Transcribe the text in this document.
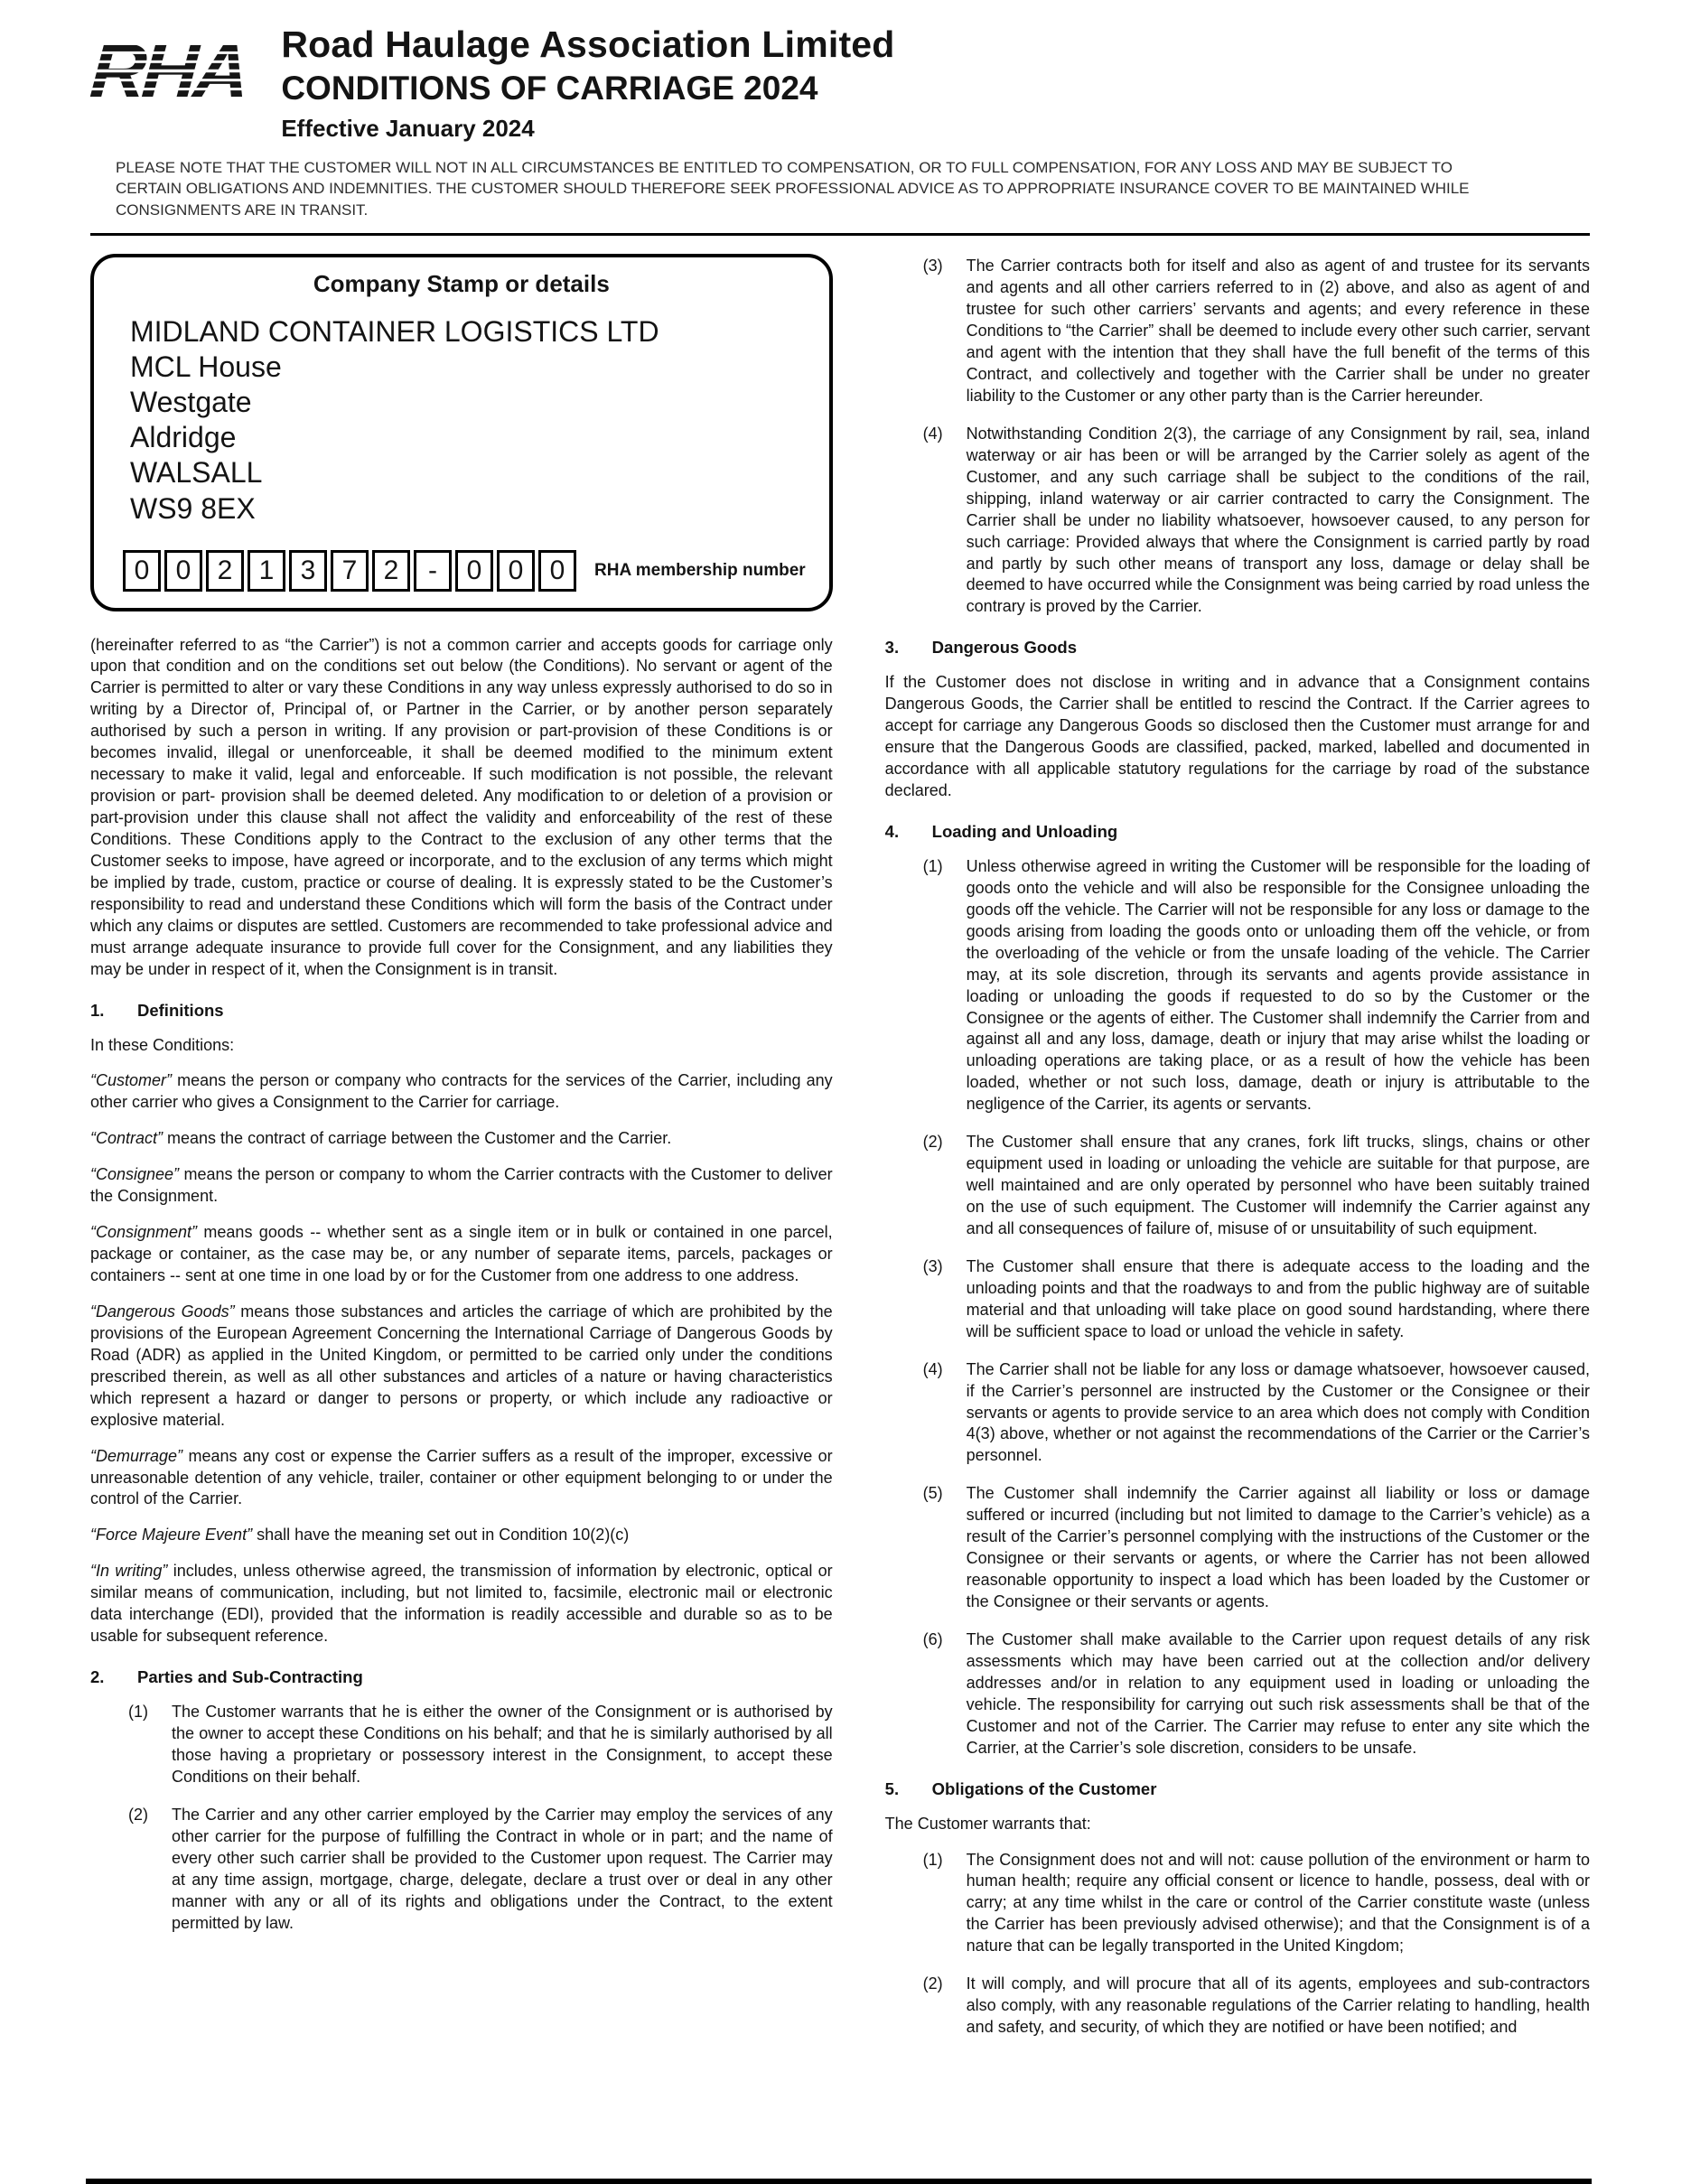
RHA Road Haulage Association Limited
CONDITIONS OF CARRIAGE 2024
Effective January 2024

PLEASE NOTE THAT THE CUSTOMER WILL NOT IN ALL CIRCUMSTANCES BE ENTITLED TO COMPENSATION, OR TO FULL COMPENSATION, FOR ANY LOSS AND MAY BE SUBJECT TO CERTAIN OBLIGATIONS AND INDEMNITIES. THE CUSTOMER SHOULD THEREFORE SEEK PROFESSIONAL ADVICE AS TO APPROPRIATE INSURANCE COVER TO BE MAINTAINED WHILE CONSIGNMENTS ARE IN TRANSIT.

Company Stamp or details
MIDLAND CONTAINER LOGISTICS LTD
MCL House
Westgate
Aldridge
WALSALL
WS9 8EX
0 0 2 1 3 7 2	-	0 0 0	RHA membership number

(hereinafter referred to as “the Carrier”) is not a common carrier and accepts goods for carriage only upon that condition and on the conditions set out below (the Conditions). No servant or agent of the Carrier is permitted to alter or vary these Conditions in any way unless expressly authorised to do so in writing by a Director of, Principal of, or Partner in the Carrier, or by another person separately authorised by such a person in writing. If any provision or part-provision of these Conditions is or becomes invalid, illegal or unenforceable, it shall be deemed modified to the minimum extent necessary to make it valid, legal and enforceable. If such modification is not possible, the relevant provision or part- provision shall be deemed deleted. Any modification to or deletion of a provision or part-provision under this clause shall not affect the validity and enforceability of the rest of these Conditions. These Conditions apply to the Contract to the exclusion of any other terms that the Customer seeks to impose, have agreed or incorporate, and to the exclusion of any terms which might be implied by trade, custom, practice or course of dealing. It is expressly stated to be the Customer’s responsibility to read and understand these Conditions which will form the basis of the Contract under which any claims or disputes are settled. Customers are recommended to take professional advice and must arrange adequate insurance to provide full cover for the Consignment, and any liabilities they may be under in respect of it, when the Consignment is in transit.

1.	Definitions

In these Conditions:

“Customer” means the person or company who contracts for the services of the Carrier, including any other carrier who gives a Consignment to the Carrier for carriage.

“Contract” means the contract of carriage between the Customer and the Carrier.

“Consignee” means the person or company to whom the Carrier contracts with the Customer to deliver the Consignment.

“Consignment” means goods -- whether sent as a single item or in bulk or contained in one parcel, package or container, as the case may be, or any number of separate items, parcels, packages or containers -- sent at one time in one load by or for the Customer from one address to one address.

“Dangerous Goods” means those substances and articles the carriage of which are prohibited by the provisions of the European Agreement Concerning the International Carriage of Dangerous Goods by Road (ADR) as applied in the United Kingdom, or permitted to be carried only under the conditions prescribed therein, as well as all other substances and articles of a nature or having characteristics which represent a hazard or danger to persons or property, or which include any radioactive or explosive material.

“Demurrage” means any cost or expense the Carrier suffers as a result of the improper, excessive or unreasonable detention of any vehicle, trailer, container or other equipment belonging to or under the control of the Carrier.

“Force Majeure Event” shall have the meaning set out in Condition 10(2)(c)

“In writing” includes, unless otherwise agreed, the transmission of information by electronic, optical or similar means of communication, including, but not limited to, facsimile, electronic mail or electronic data interchange (EDI), provided that the information is readily accessible and durable so as to be usable for subsequent reference.

2.	Parties and Sub-Contracting
(1)	The Customer warrants that he is either the owner of the Consignment or is authorised by the owner to accept these Conditions on his behalf; and that he is similarly authorised by all those having a proprietary or possessory interest in the Consignment, to accept these Conditions on their behalf.
(2)	The Carrier and any other carrier employed by the Carrier may employ the services of any other carrier for the purpose of fulfilling the Contract in whole or in part; and the name of every other such carrier shall be provided to the Customer upon request. The Carrier may at any time assign, mortgage, charge, delegate, declare a trust over or deal in any other manner with any or all of its rights and obligations under the Contract, to the extent permitted by law.
(3)	The Carrier contracts both for itself and also as agent of and trustee for its servants and agents and all other carriers referred to in (2) above, and also as agent of and trustee for such other carriers’ servants and agents; and every reference in these Conditions to “the Carrier” shall be deemed to include every other such carrier, servant and agent with the intention that they shall have the full benefit of the terms of this Contract, and collectively and together with the Carrier shall be under no greater liability to the Customer or any other party than is the Carrier hereunder.
(4)	Notwithstanding Condition 2(3), the carriage of any Consignment by rail, sea, inland waterway or air has been or will be arranged by the Carrier solely as agent of the Customer, and any such carriage shall be subject to the conditions of the rail, shipping, inland waterway or air carrier contracted to carry the Consignment. The Carrier shall be under no liability whatsoever, howsoever caused, to any person for such carriage: Provided always that where the Consignment is carried partly by road and partly by such other means of transport any loss, damage or delay shall be deemed to have occurred while the Consignment was being carried by road unless the contrary is proved by the Carrier.
3.	Dangerous Goods

If the Customer does not disclose in writing and in advance that a Consignment contains Dangerous Goods, the Carrier shall be entitled to rescind the Contract. If the Carrier agrees to accept for carriage any Dangerous Goods so disclosed then the Customer must arrange for and ensure that the Dangerous Goods are classified, packed, marked, labelled and documented in accordance with all applicable statutory regulations for the carriage by road of the substance declared.

4.	Loading and Unloading
(1)	Unless otherwise agreed in writing the Customer will be responsible for the loading of goods onto the vehicle and will also be responsible for the Consignee unloading the goods off the vehicle. The Carrier will not be responsible for any loss or damage to the goods arising from loading the goods onto or unloading them off the vehicle, or from the overloading of the vehicle or from the unsafe loading of the vehicle. The Carrier may, at its sole discretion, through its servants and agents provide assistance in loading or unloading the goods if requested to do so by the Customer or the Consignee or the agents of either. The Customer shall indemnify the Carrier from and against all and any loss, damage, death or injury that may arise whilst the loading or unloading operations are taking place, or as a result of how the vehicle has been loaded, whether or not such loss, damage, death or injury is attributable to the negligence of the Carrier, its agents or servants.
(2)	The Customer shall ensure that any cranes, fork lift trucks, slings, chains or other equipment used in loading or unloading the vehicle are suitable for that purpose, are well maintained and are only operated by personnel who have been suitably trained on the use of such equipment. The Customer will indemnify the Carrier against any and all consequences of failure of, misuse of or unsuitability of such equipment.
(3)	The Customer shall ensure that there is adequate access to the loading and the unloading points and that the roadways to and from the public highway are of suitable material and that unloading will take place on good sound hardstanding, where there will be sufficient space to load or unload the vehicle in safety.
(4)	The Carrier shall not be liable for any loss or damage whatsoever, howsoever caused, if the Carrier’s personnel are instructed by the Customer or the Consignee or their servants or agents to provide service to an area which does not comply with Condition 4(3) above, whether or not against the recommendations of the Carrier or the Carrier’s personnel.
(5)	The Customer shall indemnify the Carrier against all liability or loss or damage suffered or incurred (including but not limited to damage to the Carrier’s vehicle) as a result of the Carrier’s personnel complying with the instructions of the Customer or the Consignee or their servants or agents, or where the Carrier has not been allowed reasonable opportunity to inspect a load which has been loaded by the Customer or the Consignee or their servants or agents.
(6)	The Customer shall make available to the Carrier upon request details of any risk assessments which may have been carried out at the collection and/or delivery addresses and/or in relation to any equipment used in loading or unloading the vehicle. The responsibility for carrying out such risk assessments shall be that of the Customer and not of the Carrier. The Carrier may refuse to enter any site which the Carrier, at the Carrier’s sole discretion, considers to be unsafe.
5.	Obligations of the Customer

The Customer warrants that:

(1)	The Consignment does not and will not: cause pollution of the environment or harm to human health; require any official consent or licence to handle, possess, deal with or carry; at any time whilst in the care or control of the Carrier constitute waste (unless the Carrier has been previously advised otherwise); and that the Consignment is of a nature that can be legally transported in the United Kingdom;
(2)	It will comply, and will procure that all of its agents, employees and sub-contractors also comply, with any reasonable regulations of the Carrier relating to handling, health and safety, and security, of which they are notified or have been notified; and
